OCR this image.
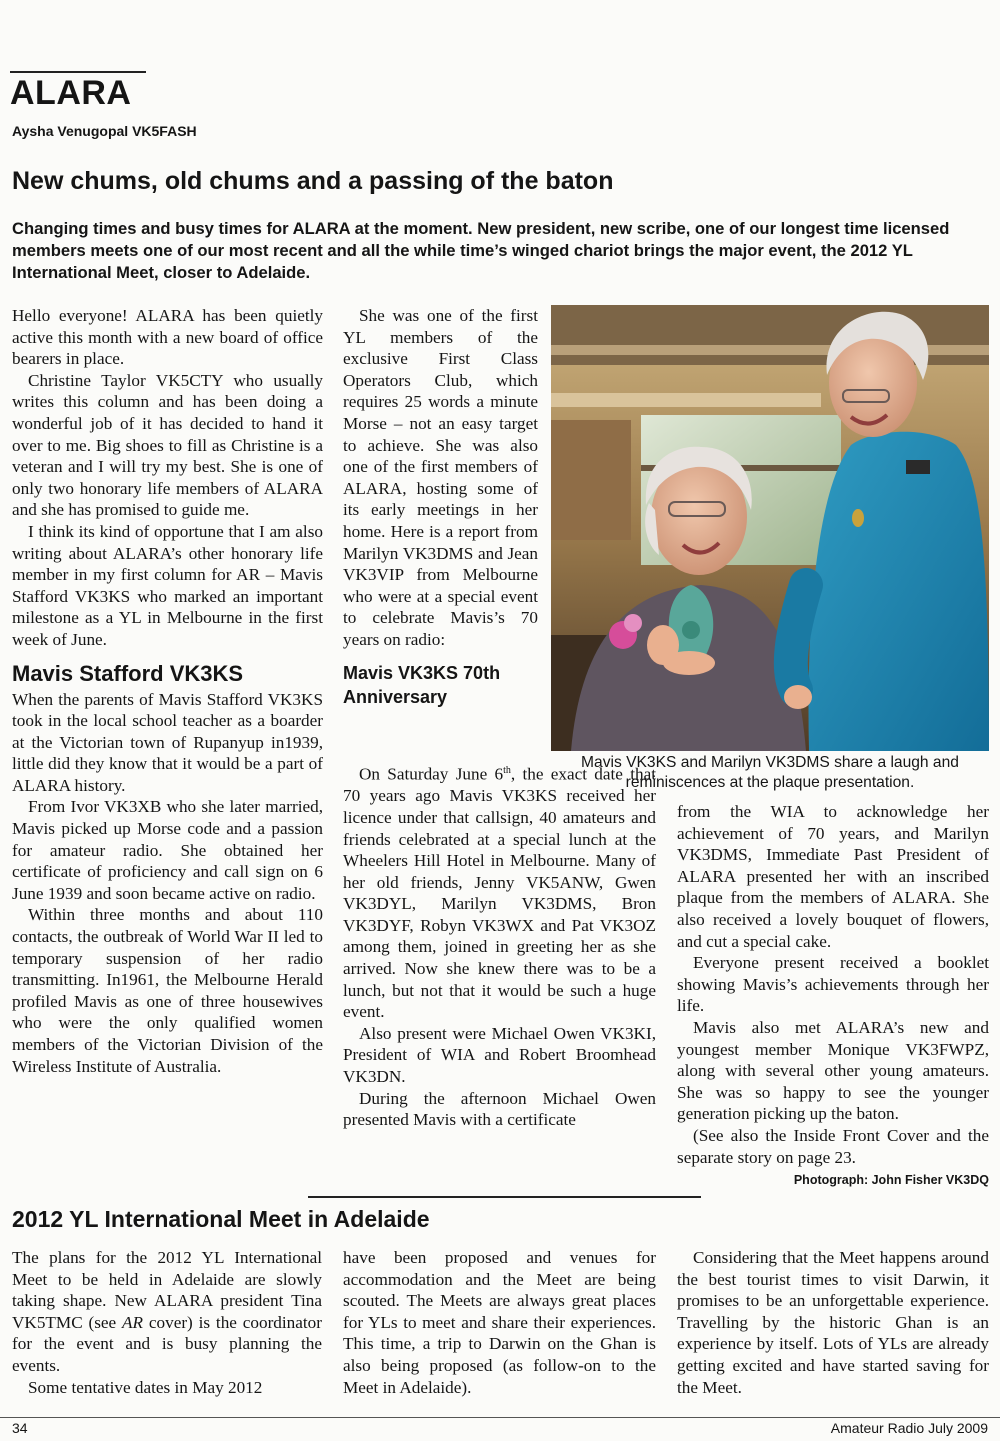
ALARA
Aysha Venugopal VK5FASH
New chums, old chums and a passing of the baton
Changing times and busy times for ALARA at the moment. New president, new scribe, one of our longest time licensed members meets one of our most recent and all the while time’s winged chariot brings the major event, the 2012 YL International Meet, closer to Adelaide.

Hello everyone! ALARA has been quietly active this month with a new board of office bearers in place.

Christine Taylor VK5CTY who usually writes this column and has been doing a wonderful job of it has decided to hand it over to me. Big shoes to fill as Christine is a veteran and I will try my best. She is one of only two honorary life members of ALARA and she has promised to guide me.

I think its kind of opportune that I am also writing about ALARA’s other honorary life member in my first column for AR – Mavis Stafford VK3KS who marked an important milestone as a YL in Melbourne in the first week of June.

Mavis Stafford VK3KS

When the parents of Mavis Stafford VK3KS took in the local school teacher as a boarder at the Victorian town of Rupanyup in1939, little did they know that it would be a part of ALARA history.

From Ivor VK3XB who she later married, Mavis picked up Morse code and a passion for amateur radio. She obtained her certificate of proficiency and call sign on 6 June 1939 and soon became active on radio.

Within three months and about 110 contacts, the outbreak of World War II led to temporary suspension of her radio transmitting. In1961, the Melbourne Herald profiled Mavis as one of three housewives who were the only qualified women members of the Victorian Division of the Wireless Institute of Australia.

She was one of the first YL members of the exclusive First Class Operators Club, which requires 25 words a minute Morse – not an easy target to achieve. She was also one of the first members of ALARA, hosting some of its early meetings in her home. Here is a report from Marilyn VK3DMS and Jean VK3VIP from Melbourne who were at a special event to celebrate Mavis’s 70 years on radio:

Mavis VK3KS 70th Anniversary

On Saturday June 6th, the exact date that 70 years ago Mavis VK3KS received her licence under that callsign, 40 amateurs and friends celebrated at a special lunch at the Wheelers Hill Hotel in Melbourne. Many of her old friends, Jenny VK5ANW, Gwen VK3DYL, Marilyn VK3DMS, Bron VK3DYF, Robyn VK3WX and Pat VK3OZ among them, joined in greeting her as she arrived. Now she knew there was to be a lunch, but not that it would be such a huge event.

Also present were Michael Owen VK3KI, President of WIA and Robert Broomhead VK3DN.

During the afternoon Michael Owen presented Mavis with a certificate

from the WIA to acknowledge her achievement of 70 years, and Marilyn VK3DMS, Immediate Past President of ALARA presented her with an inscribed plaque from the members of ALARA. She also received a lovely bouquet of flowers, and cut a special cake.

Everyone present received a booklet showing Mavis’s achievements through her life.

Mavis also met ALARA’s new and youngest member Monique VK3FWPZ, along with several other young amateurs. She was so happy to see the younger generation picking up the baton.

(See also the Inside Front Cover and the separate story on page 23.

Mavis VK3KS and Marilyn VK3DMS share a laugh and reminiscences at the plaque presentation.
Photograph: John Fisher VK3DQ
2012 YL International Meet in Adelaide

The plans for the 2012 YL International Meet to be held in Adelaide are slowly taking shape. New ALARA president Tina VK5TMC (see AR cover) is the coordinator for the event and is busy planning the events.

Some tentative dates in May 2012

have been proposed and venues for accommodation and the Meet are being scouted. The Meets are always great places for YLs to meet and share their experiences. This time, a trip to Darwin on the Ghan is also being proposed (as follow-on to the Meet in Adelaide).

Considering that the Meet happens around the best tourist times to visit Darwin, it promises to be an unforgettable experience. Travelling by the historic Ghan is an experience by itself. Lots of YLs are already getting excited and have started saving for the Meet.

34	Amateur Radio July 2009
